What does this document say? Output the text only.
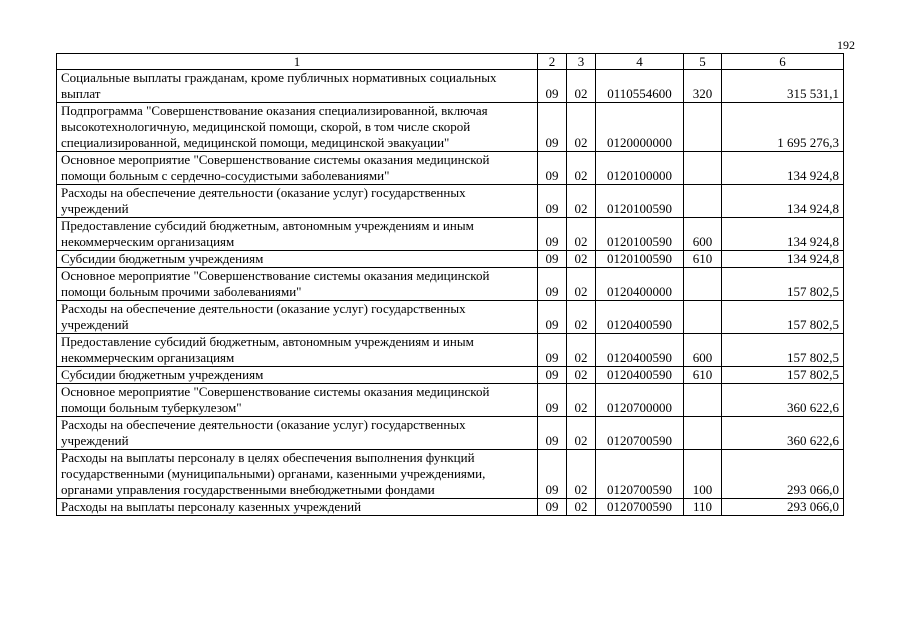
192
1	2	3	4	5	6
Социальные выплаты гражданам, кроме публичных нормативных социальных выплат	09	02	0110554600	320	315 531,1
Подпрограмма "Совершенствование оказания специализированной, включая высокотехнологичную, медицинской помощи, скорой, в том числе скорой специализированной, медицинской помощи, медицинской эвакуации"	09	02	0120000000		1 695 276,3
Основное мероприятие "Совершенствование системы оказания медицинской помощи больным с сердечно-сосудистыми заболеваниями"	09	02	0120100000		134 924,8
Расходы на обеспечение деятельности (оказание услуг) государственных учреждений	09	02	0120100590		134 924,8
Предоставление субсидий бюджетным, автономным учреждениям и иным некоммерческим организациям	09	02	0120100590	600	134 924,8
Субсидии бюджетным учреждениям	09	02	0120100590	610	134 924,8
Основное мероприятие "Совершенствование системы оказания медицинской помощи больным прочими заболеваниями"	09	02	0120400000		157 802,5
Расходы на обеспечение деятельности (оказание услуг) государственных учреждений	09	02	0120400590		157 802,5
Предоставление субсидий бюджетным, автономным учреждениям и иным некоммерческим организациям	09	02	0120400590	600	157 802,5
Субсидии бюджетным учреждениям	09	02	0120400590	610	157 802,5
Основное мероприятие "Совершенствование системы оказания медицинской помощи больным туберкулезом"	09	02	0120700000		360 622,6
Расходы на обеспечение деятельности (оказание услуг) государственных учреждений	09	02	0120700590		360 622,6
Расходы на выплаты персоналу в целях обеспечения выполнения функций государственными (муниципальными) органами, казенными учреждениями, органами управления государственными внебюджетными фондами	09	02	0120700590	100	293 066,0
Расходы на выплаты персоналу казенных учреждений	09	02	0120700590	110	293 066,0
